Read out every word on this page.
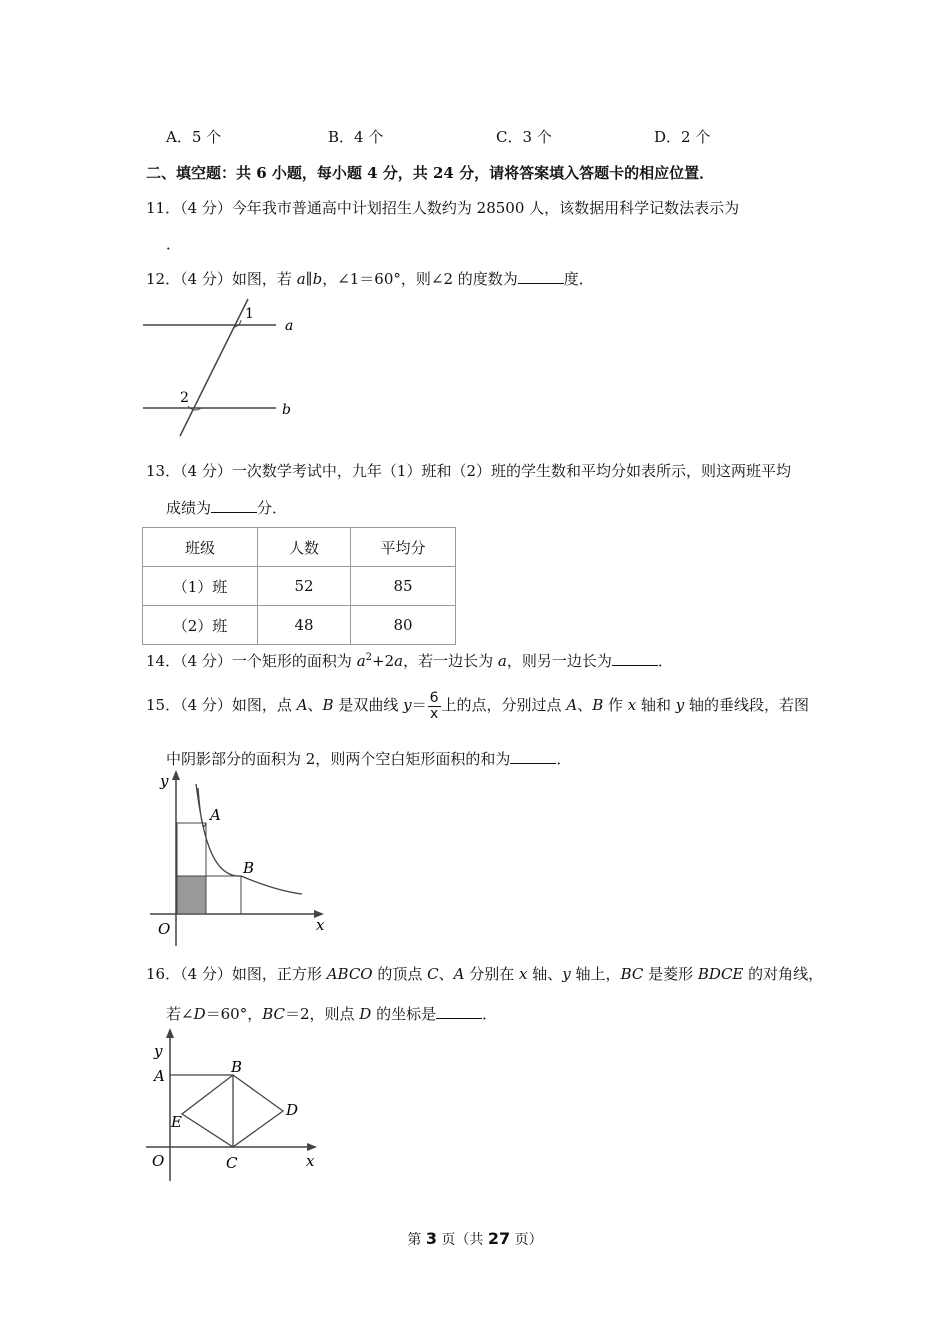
A．5 个	B．4 个	C．3 个	D．2 个
二、填空题：共 6 小题，每小题 4 分，共 24 分，请将答案填入答题卡的相应位置．
11．（4 分）今年我市普通高中计划招生人数约为 28500 人，该数据用科学记数法表示为
．
12．（4 分）如图，若 a∥b，∠1＝60°，则∠2 的度数为	度．
1
a
2
b
13．（4 分）一次数学考试中，九年（1）班和（2）班的学生数和平均分如表所示，则这两班平均
成绩为	分．
班级	人数	平均分
（1）班	52	85
（2）班	48	80
14．（4 分）一个矩形的面积为 $a^2+2a$，若一边长为 a，则另一边长为	．
15．（4 分）如图，点 A、B 是双曲线 $y= \frac{6}{x}$ 上的点，分别过点 A、B 作 x 轴和 y 轴的垂线段，若图
中阴影部分的面积为 2，则两个空白矩形面积的和为	．
y
A
B
O	x
16．（4 分）如图，正方形 ABCO 的顶点 C、A 分别在 x 轴、y 轴上，BC 是菱形 BDCE 的对角线，
若∠D＝60°，BC＝2，则点 D 的坐标是	．
y
A	B
E
D
O	C	x
第 3 页（共 27 页）
